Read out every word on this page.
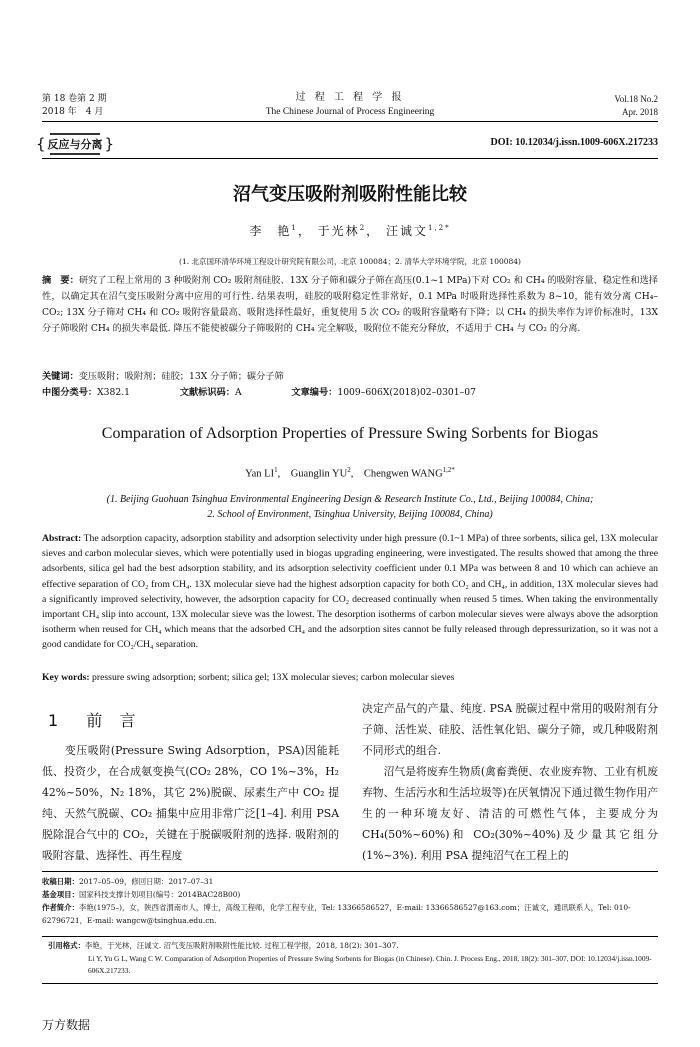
第 18 卷第 2 期
2018 年　4 月
过 程 工 程 学 报
The Chinese Journal of Process Engineering
Vol.18 No.2
Apr. 2018
{ 反应与分离 }	DOI: 10.12034/j.issn.1009-606X.217233
沼气变压吸附剂吸附性能比较
李　艳$^1$， 于光林$^2$， 汪诚文$^{1,2*}$
(1. 北京国环清华环境工程设计研究院有限公司，北京 100084；2. 清华大学环境学院，北京 100084)
摘　要：研究了工程上常用的 3 种吸附剂 CO₂ 吸附剂硅胶、13X 分子筛和碳分子筛在高压(0.1~1 MPa)下对 CO₂ 和 CH₄ 的吸附容量、稳定性和选择性，以确定其在沼气变压吸附分离中应用的可行性. 结果表明，硅胶的吸附稳定性非常好，0.1 MPa 时吸附选择性系数为 8~10，能有效分离 CH₄–CO₂; 13X 分子筛对 CH₄ 和 CO₂ 吸附容量最高、吸附选择性最好，重复使用 5 次 CO₂ 的吸附容量略有下降；以 CH₄ 的损失率作为评价标准时，13X 分子筛吸附 CH₄ 的损失率最低. 降压不能使被碳分子筛吸附的 CH₄ 完全解吸，吸附位不能充分释放，不适用于 CH₄ 与 CO₂ 的分离.
关键词：变压吸附；吸附剂；硅胶；13X 分子筛；碳分子筛
中图分类号：X382.1	文献标识码：A	文章编号：1009–606X(2018)02–0301–07
Comparation of Adsorption Properties of Pressure Swing Sorbents for Biogas
Yan $LI^1$,    Guanglin $YU^2$,    Chengwen $WANG^{1,2*}$
(1. Beijing Guohuan Tsinghua Environmental Engineering Design & Research Institute Co., Ltd., Beijing 100084, China;
2. School of Environment, Tsinghua University, Beijing 100084, China)
Abstract: The adsorption capacity, adsorption stability and adsorption selectivity under high pressure (0.1~1 MPa) of three sorbents, silica gel, 13X molecular sieves and carbon molecular sieves, which were potentially used in biogas upgrading engineering, were investigated. The results showed that among the three adsorbents, silica gel had the best adsorption stability, and its adsorption selectivity coefficient under 0.1 MPa was between 8 and 10 which can achieve an effective separation of CO₂ from CH₄. 13X molecular sieve had the highest adsorption capacity for both CO₂ and CH₄, in addition, 13X molecular sieves had a significantly improved selectivity, however, the adsorption capacity for CO₂ decreased continually when reused 5 times. When taking the environmentally important CH₄ slip into account, 13X molecular sieve was the lowest. The desorption isotherms of carbon molecular sieves were always above the adsorption isotherm when reused for CH₄ which means that the adsorbed CH₄ and the adsorption sites cannot be fully released through depressurization, so it was not a good candidate for CO₂/CH₄ separation.
Key words: pressure swing adsorption; sorbent; silica gel; 13X molecular sieves; carbon molecular sieves
1 前 言
　　变压吸附(Pressure Swing Adsorption，PSA)因能耗低、投资少，在合成氨变换气(CO₂ 28%，CO 1%~3%，H₂ 42%~50%，N₂ 18%，其它 2%)脱碳、尿素生产中 CO₂ 提纯、天然气脱碳、CO₂ 捕集中应用非常广泛[1–4]. 利用 PSA 脱除混合气中的 CO₂，关键在于脱碳吸附剂的选择. 吸附剂的吸附容量、选择性、再生程度
决定产品气的产量、纯度. PSA 脱碳过程中常用的吸附剂有分子筛、活性炭、硅胶、活性氧化铝、碳分子筛，或几种吸附剂不同形式的组合.
　　沼气是将废弃生物质(禽畜粪便、农业废弃物、工业有机废弃物、生活污水和生活垃圾等)在厌氧情况下通过微生物作用产生的一种环境友好、清洁的可燃性气体，主要成分为 CH₄(50%~60%)和 CO₂(30%~40%)及少量其它组分(1%~3%). 利用 PSA 提纯沼气在工程上的
收稿日期：2017–05–09，修回日期：2017–07–31
基金项目：国家科技支撑计划项目(编号：2014BAC28B00)
作者简介：李艳(1975–)，女，陕西省渭南市人，博士，高级工程师，化学工程专业，Tel: 13366586527，E-mail: 13366586527@163.com；汪诚文，通讯联系人，Tel: 010-62796721，E-mail: wangcw@tsinghua.edu.cn.
引用格式：李艳，于光林，汪诚文. 沼气变压吸附剂吸附性能比较. 过程工程学报，2018, 18(2): 301–307.
Li Y, Yu G L, Wang C W. Comparation of Adsorption Properties of Pressure Swing Sorbents for Biogas (in Chinese). Chin. J. Process Eng., 2018, 18(2): 301–307, DOI: 10.12034/j.issn.1009-606X.217233.
万方数据
